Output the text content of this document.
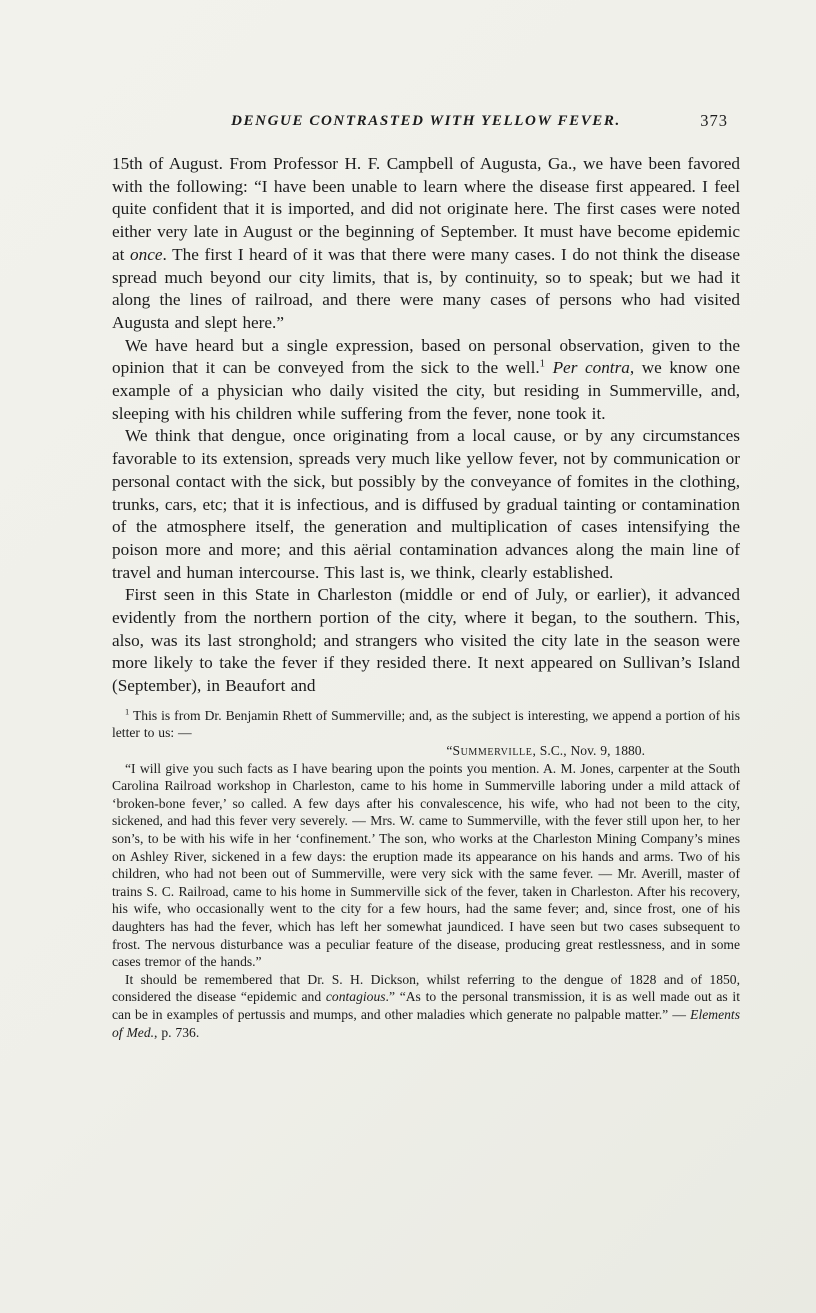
DENGUE CONTRASTED WITH YELLOW FEVER.	373

15th of August. From Professor H. F. Campbell of Augusta, Ga., we have been favored with the following: “I have been unable to learn where the disease first appeared. I feel quite confident that it is imported, and did not originate here. The first cases were noted either very late in August or the beginning of September. It must have become epidemic at once. The first I heard of it was that there were many cases. I do not think the disease spread much beyond our city limits, that is, by continuity, so to speak; but we had it along the lines of railroad, and there were many cases of persons who had visited Augusta and slept here.”

We have heard but a single expression, based on personal observation, given to the opinion that it can be conveyed from the sick to the well.$^1$ Per contra, we know one example of a physician who daily visited the city, but residing in Summerville, and, sleeping with his children while suffering from the fever, none took it.

We think that dengue, once originating from a local cause, or by any circumstances favorable to its extension, spreads very much like yellow fever, not by communication or personal contact with the sick, but possibly by the conveyance of fomites in the clothing, trunks, cars, etc; that it is infectious, and is diffused by gradual tainting or contamination of the atmosphere itself, the generation and multiplication of cases intensifying the poison more and more; and this aërial contamination advances along the main line of travel and human intercourse. This last is, we think, clearly established.

First seen in this State in Charleston (middle or end of July, or earlier), it advanced evidently from the northern portion of the city, where it began, to the southern. This, also, was its last stronghold; and strangers who visited the city late in the season were more likely to take the fever if they resided there. It next appeared on Sullivan’s Island (September), in Beaufort and

$^1$ This is from Dr. Benjamin Rhett of Summerville; and, as the subject is interesting, we append a portion of his letter to us: —

“Summerville, S.C., Nov. 9, 1880.

“I will give you such facts as I have bearing upon the points you mention. A. M. Jones, carpenter at the South Carolina Railroad workshop in Charleston, came to his home in Summerville laboring under a mild attack of ‘broken-bone fever,’ so called. A few days after his convalescence, his wife, who had not been to the city, sickened, and had this fever very severely. — Mrs. W. came to Summerville, with the fever still upon her, to her son’s, to be with his wife in her ‘confinement.’ The son, who works at the Charleston Mining Company’s mines on Ashley River, sickened in a few days: the eruption made its appearance on his hands and arms. Two of his children, who had not been out of Summerville, were very sick with the same fever. — Mr. Averill, master of trains S. C. Railroad, came to his home in Summerville sick of the fever, taken in Charleston. After his recovery, his wife, who occasionally went to the city for a few hours, had the same fever; and, since frost, one of his daughters has had the fever, which has left her somewhat jaundiced. I have seen but two cases subsequent to frost. The nervous disturbance was a peculiar feature of the disease, producing great restlessness, and in some cases tremor of the hands.”

It should be remembered that Dr. S. H. Dickson, whilst referring to the dengue of 1828 and of 1850, considered the disease “epidemic and contagious.” “As to the personal transmission, it is as well made out as it can be in examples of pertussis and mumps, and other maladies which generate no palpable matter.” — Elements of Med., p. 736.
